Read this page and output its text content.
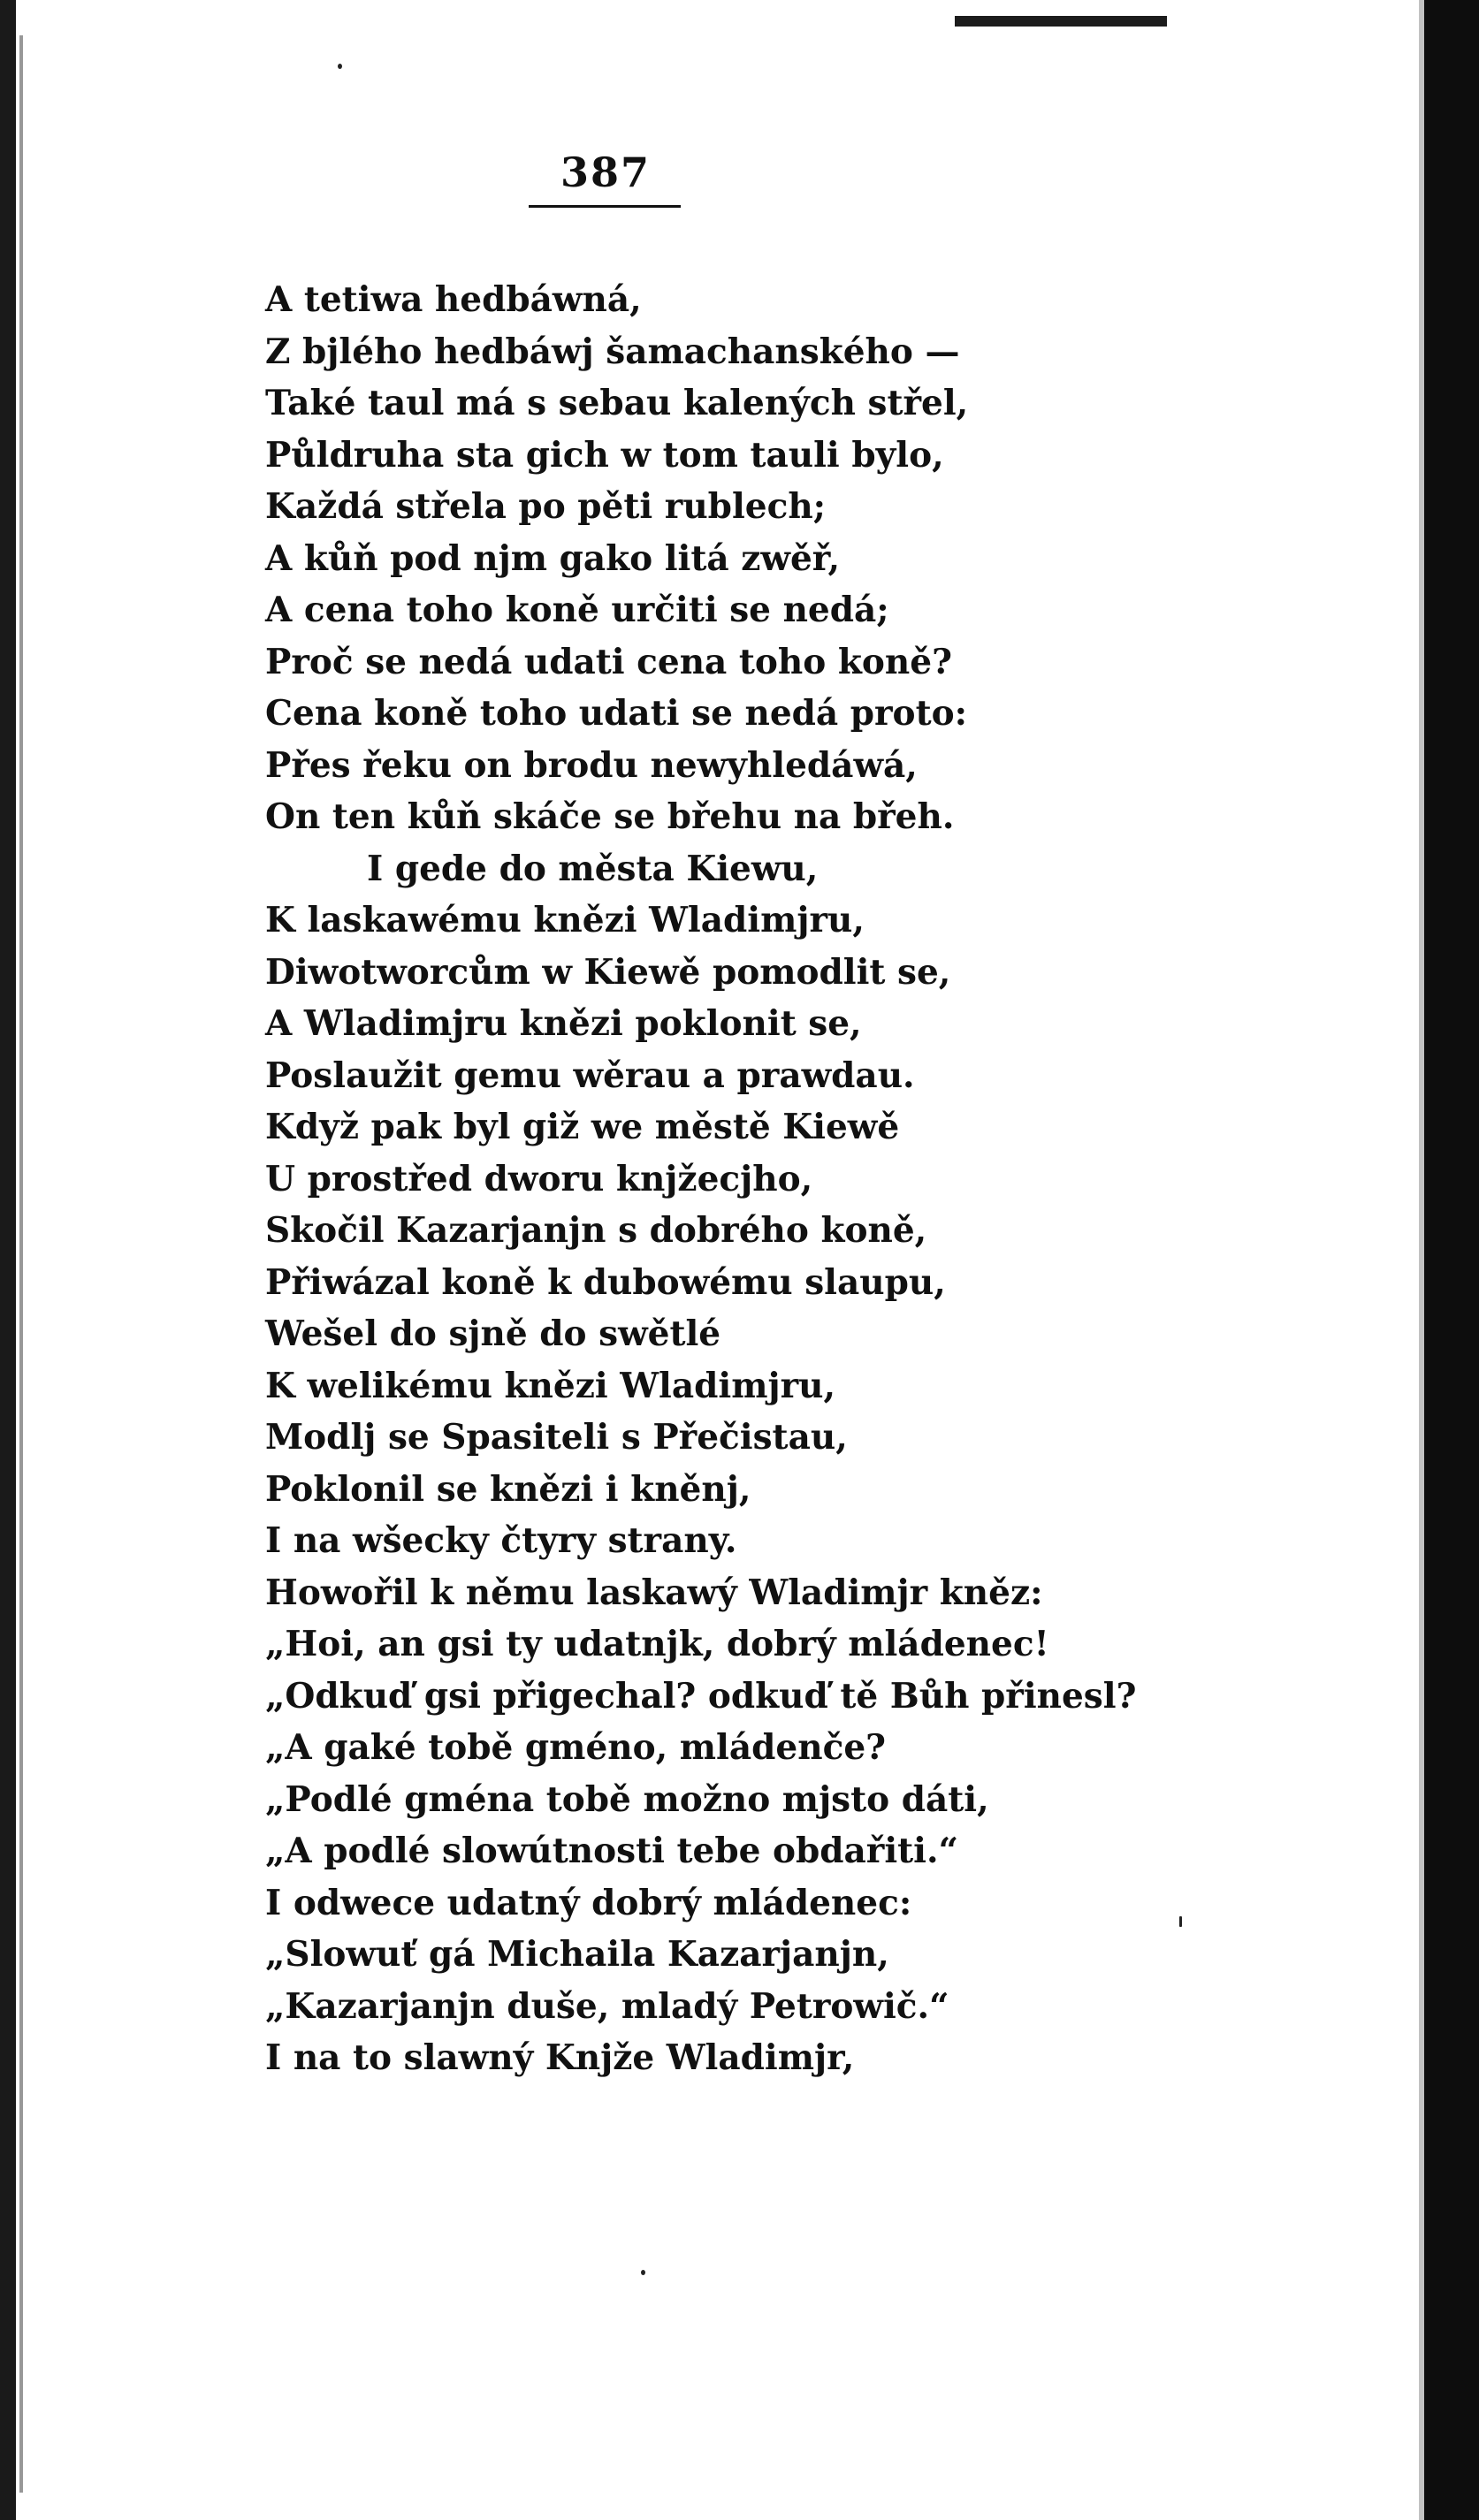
387
A tetiwa hedbáwná,
Z bjlého hedbáwj šamachanského —
Také taul má s sebau kalených střel,
Půldruha sta gich w tom tauli bylo,
Každá střela po pěti rublech;
A kůň pod njm gako litá zwěř,
A cena toho koně určiti se nedá;
Proč se nedá udati cena toho koně?
Cena koně toho udati se nedá proto:
Přes řeku on brodu newyhledáwá,
On ten kůň skáče se břehu na břeh.
I gede do města Kiewu,
K laskawému knězi Wladimjru,
Diwotworcům w Kiewě pomodlit se,
A Wladimjru knězi poklonit se,
Poslaužit gemu wěrau a prawdau.
Když pak byl giž we městě Kiewě
U prostřed dworu knjžecjho,
Skočil Kazarjanjn s dobrého koně,
Přiwázal koně k dubowému slaupu,
Wešel do sjně do swětlé
K welikému knězi Wladimjru,
Modlj se Spasiteli s Přečistau,
Poklonil se knězi i kněnj,
I na wšecky čtyry strany.
Howořil k němu laskawý Wladimjr kněz:
„Hoi, an gsi ty udatnjk, dobrý mládenec!
„Odkuď gsi přigechal? odkuď tě Bůh přinesl?
„A gaké tobě gméno, mládenče?
„Podlé gména tobě možno mjsto dáti,
„A podlé slowútnosti tebe obdařiti.“
I odwece udatný dobrý mládenec:
„Slowuť gá Michaila Kazarjanjn,
„Kazarjanjn duše, mladý Petrowič.“
I na to slawný Knjže Wladimjr,
